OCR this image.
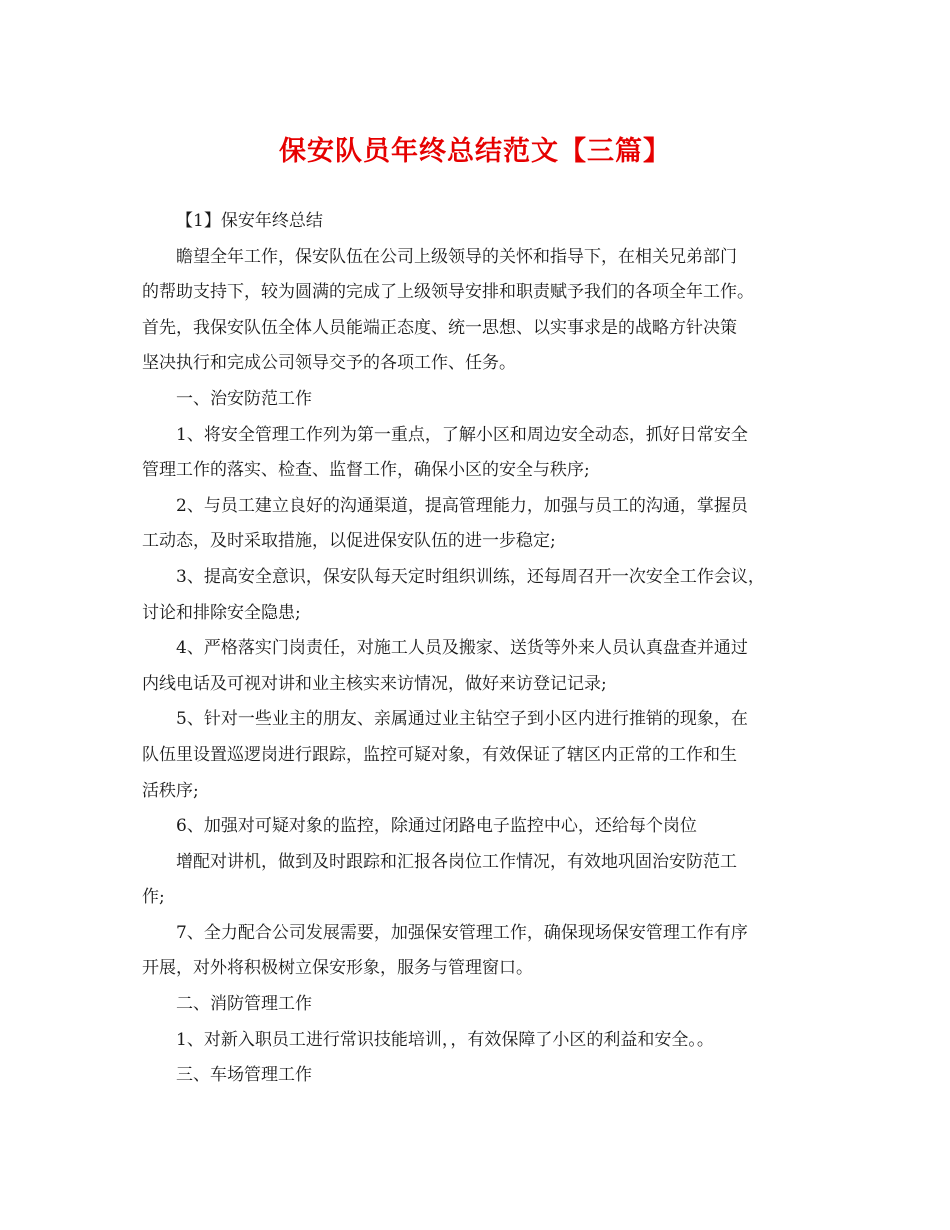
保安队员年终总结范文【三篇】

【1】保安年终总结

瞻望全年工作，保安队伍在公司上级领导的关怀和指导下，在相关兄弟部门

的帮助支持下，较为圆满的完成了上级领导安排和职责赋予我们的各项全年工作。

首先，我保安队伍全体人员能端正态度、统一思想、以实事求是的战略方针决策

坚决执行和完成公司领导交予的各项工作、任务。

一、治安防范工作

1、将安全管理工作列为第一重点，了解小区和周边安全动态，抓好日常安全

管理工作的落实、检查、监督工作，确保小区的安全与秩序;

2、与员工建立良好的沟通渠道，提高管理能力，加强与员工的沟通，掌握员

工动态，及时采取措施，以促进保安队伍的进一步稳定;

3、提高安全意识，保安队每天定时组织训练，还每周召开一次安全工作会议，

讨论和排除安全隐患;

4、严格落实门岗责任，对施工人员及搬家、送货等外来人员认真盘查并通过

内线电话及可视对讲和业主核实来访情况，做好来访登记记录;

5、针对一些业主的朋友、亲属通过业主钻空子到小区内进行推销的现象，在

队伍里设置巡逻岗进行跟踪，监控可疑对象，有效保证了辖区内正常的工作和生

活秩序;

6、加强对可疑对象的监控，除通过闭路电子监控中心，还给每个岗位

增配对讲机，做到及时跟踪和汇报各岗位工作情况，有效地巩固治安防范工

作;

7、全力配合公司发展需要，加强保安管理工作，确保现场保安管理工作有序

开展，对外将积极树立保安形象，服务与管理窗口。

二、消防管理工作

1、对新入职员工进行常识技能培训，，有效保障了小区的利益和安全。。

三、车场管理工作
